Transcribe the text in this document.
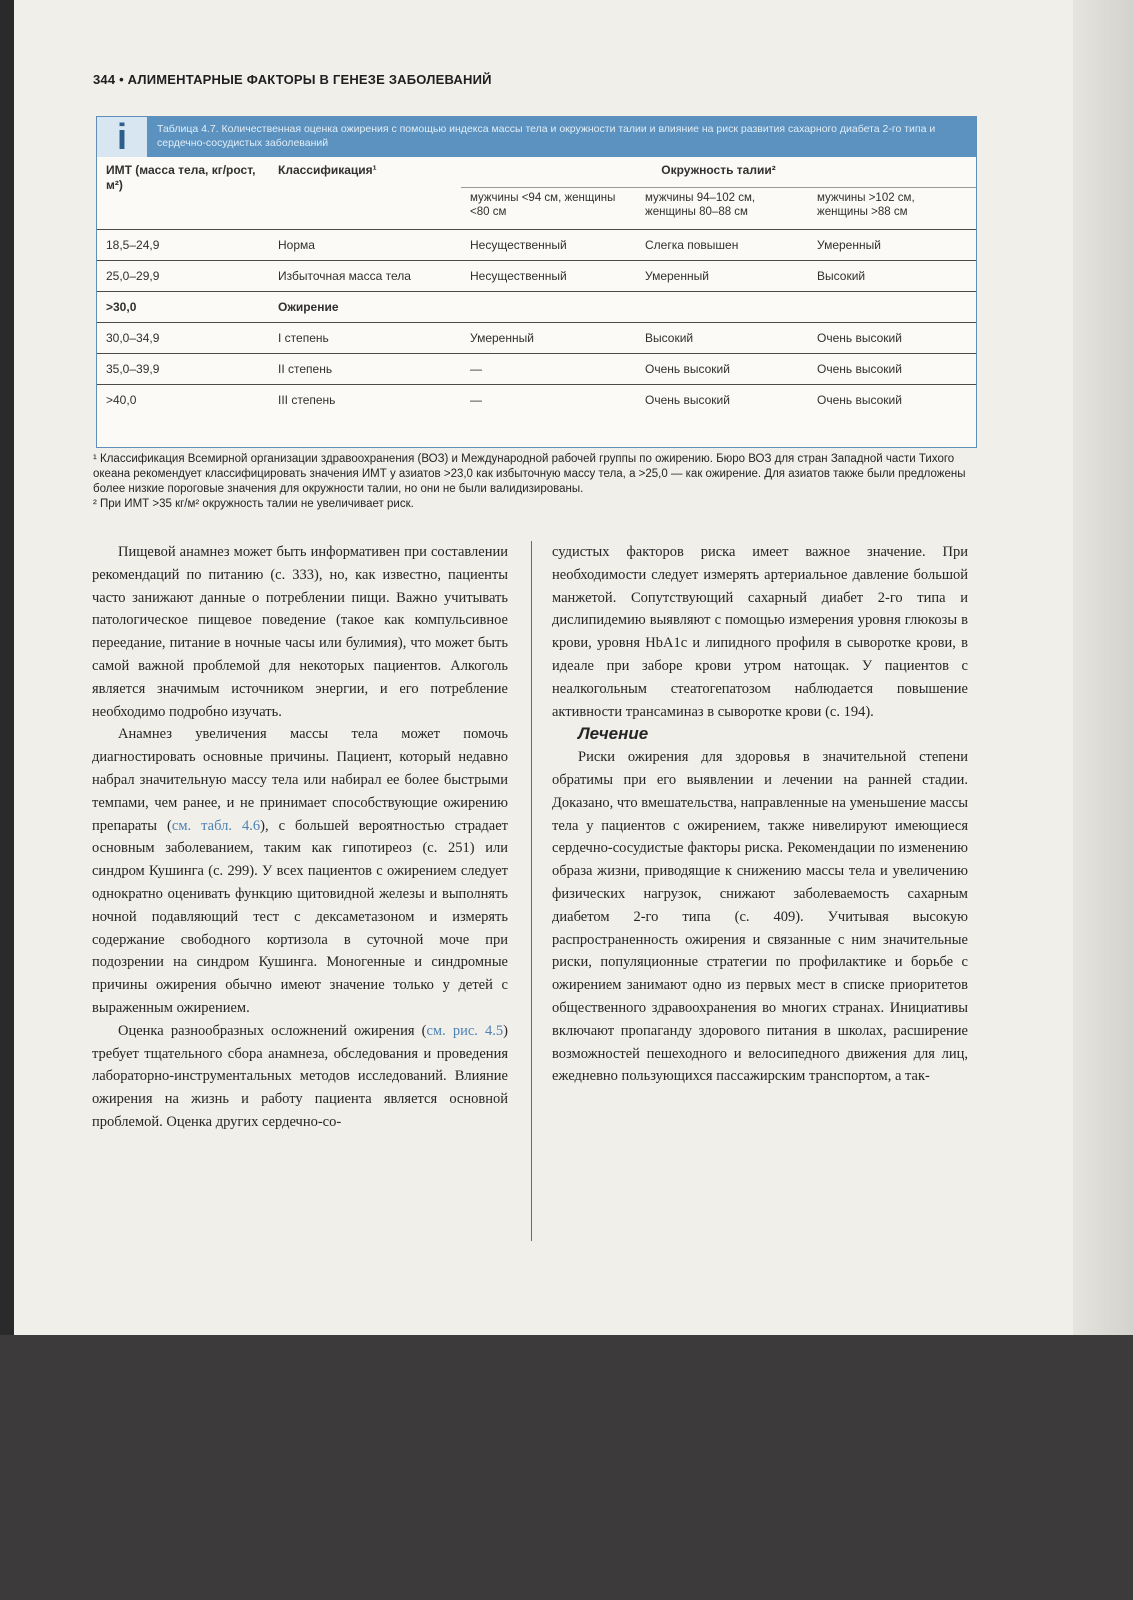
344 • АЛИМЕНТАРНЫЕ ФАКТОРЫ В ГЕНЕЗЕ ЗАБОЛЕВАНИЙ
i	Таблица 4.7. Количественная оценка ожирения с помощью индекса массы тела и окружности талии и влияние на риск развития сахарного диабета 2-го типа и сердечно-сосудистых заболеваний
ИМТ (масса тела, кг/рост, м²)	Классификация¹	Окружность талии²		
		мужчины <94 см, женщины <80 см	мужчины 94–102 см, женщины 80–88 см	мужчины >102 см, женщины >88 см
18,5–24,9	Норма	Несущественный	Слегка повышен	Умеренный
25,0–29,9	Избыточная масса тела	Несущественный	Умеренный	Высокий
>30,0	Ожирение			
30,0–34,9	I степень	Умеренный	Высокий	Очень высокий
35,0–39,9	II степень	—	Очень высокий	Очень высокий
>40,0	III степень	—	Очень высокий	Очень высокий

¹ Классификация Всемирной организации здравоохранения (ВОЗ) и Международной рабочей группы по ожирению. Бюро ВОЗ для стран Западной части Тихого океана рекомендует классифицировать значения ИМТ у азиатов >23,0 как избыточную массу тела, а >25,0 — как ожирение. Для азиатов также были предложены более низкие пороговые значения для окружности талии, но они не были валидизированы.

² При ИМТ >35 кг/м² окружность талии не увеличивает риск.

Пищевой анамнез может быть информативен при составлении рекомендаций по питанию (с. 333), но, как известно, пациенты часто занижают данные о потреблении пищи. Важно учитывать патологическое пищевое поведение (такое как компульсивное переедание, питание в ночные часы или булимия), что может быть самой важной проблемой для некоторых пациентов. Алкоголь является значимым источником энергии, и его потребление необходимо подробно изучать.

Анамнез увеличения массы тела может помочь диагностировать основные причины. Пациент, который недавно набрал значительную массу тела или набирал ее более быстрыми темпами, чем ранее, и не принимает способствующие ожирению препараты (см. табл. 4.6), с большей вероятностью страдает основным заболеванием, таким как гипотиреоз (с. 251) или синдром Кушинга (с. 299). У всех пациентов с ожирением следует однократно оценивать функцию щитовидной железы и выполнять ночной подавляющий тест с дексаметазоном и измерять содержание свободного кортизола в суточной моче при подозрении на синдром Кушинга. Моногенные и синдромные причины ожирения обычно имеют значение только у детей с выраженным ожирением.

Оценка разнообразных осложнений ожирения (см. рис. 4.5) требует тщательного сбора анамнеза, обследования и проведения лабораторно-инструментальных методов исследований. Влияние ожирения на жизнь и работу пациента является основной проблемой. Оценка других сердечно-со-

судистых факторов риска имеет важное значение. При необходимости следует измерять артериальное давление большой манжетой. Сопутствующий сахарный диабет 2-го типа и дислипидемию выявляют с помощью измерения уровня глюкозы в крови, уровня HbA1c и липидного профиля в сыворотке крови, в идеале при заборе крови утром натощак. У пациентов с неалкогольным стеатогепатозом наблюдается повышение активности трансаминаз в сыворотке крови (с. 194).

Лечение

Риски ожирения для здоровья в значительной степени обратимы при его выявлении и лечении на ранней стадии. Доказано, что вмешательства, направленные на уменьшение массы тела у пациентов с ожирением, также нивелируют имеющиеся сердечно-сосудистые факторы риска. Рекомендации по изменению образа жизни, приводящие к снижению массы тела и увеличению физических нагрузок, снижают заболеваемость сахарным диабетом 2-го типа (с. 409). Учитывая высокую распространенность ожирения и связанные с ним значительные риски, популяционные стратегии по профилактике и борьбе с ожирением занимают одно из первых мест в списке приоритетов общественного здравоохранения во многих странах. Инициативы включают пропаганду здорового питания в школах, расширение возможностей пешеходного и велосипедного движения для лиц, ежедневно пользующихся пассажирским транспортом, а так-
